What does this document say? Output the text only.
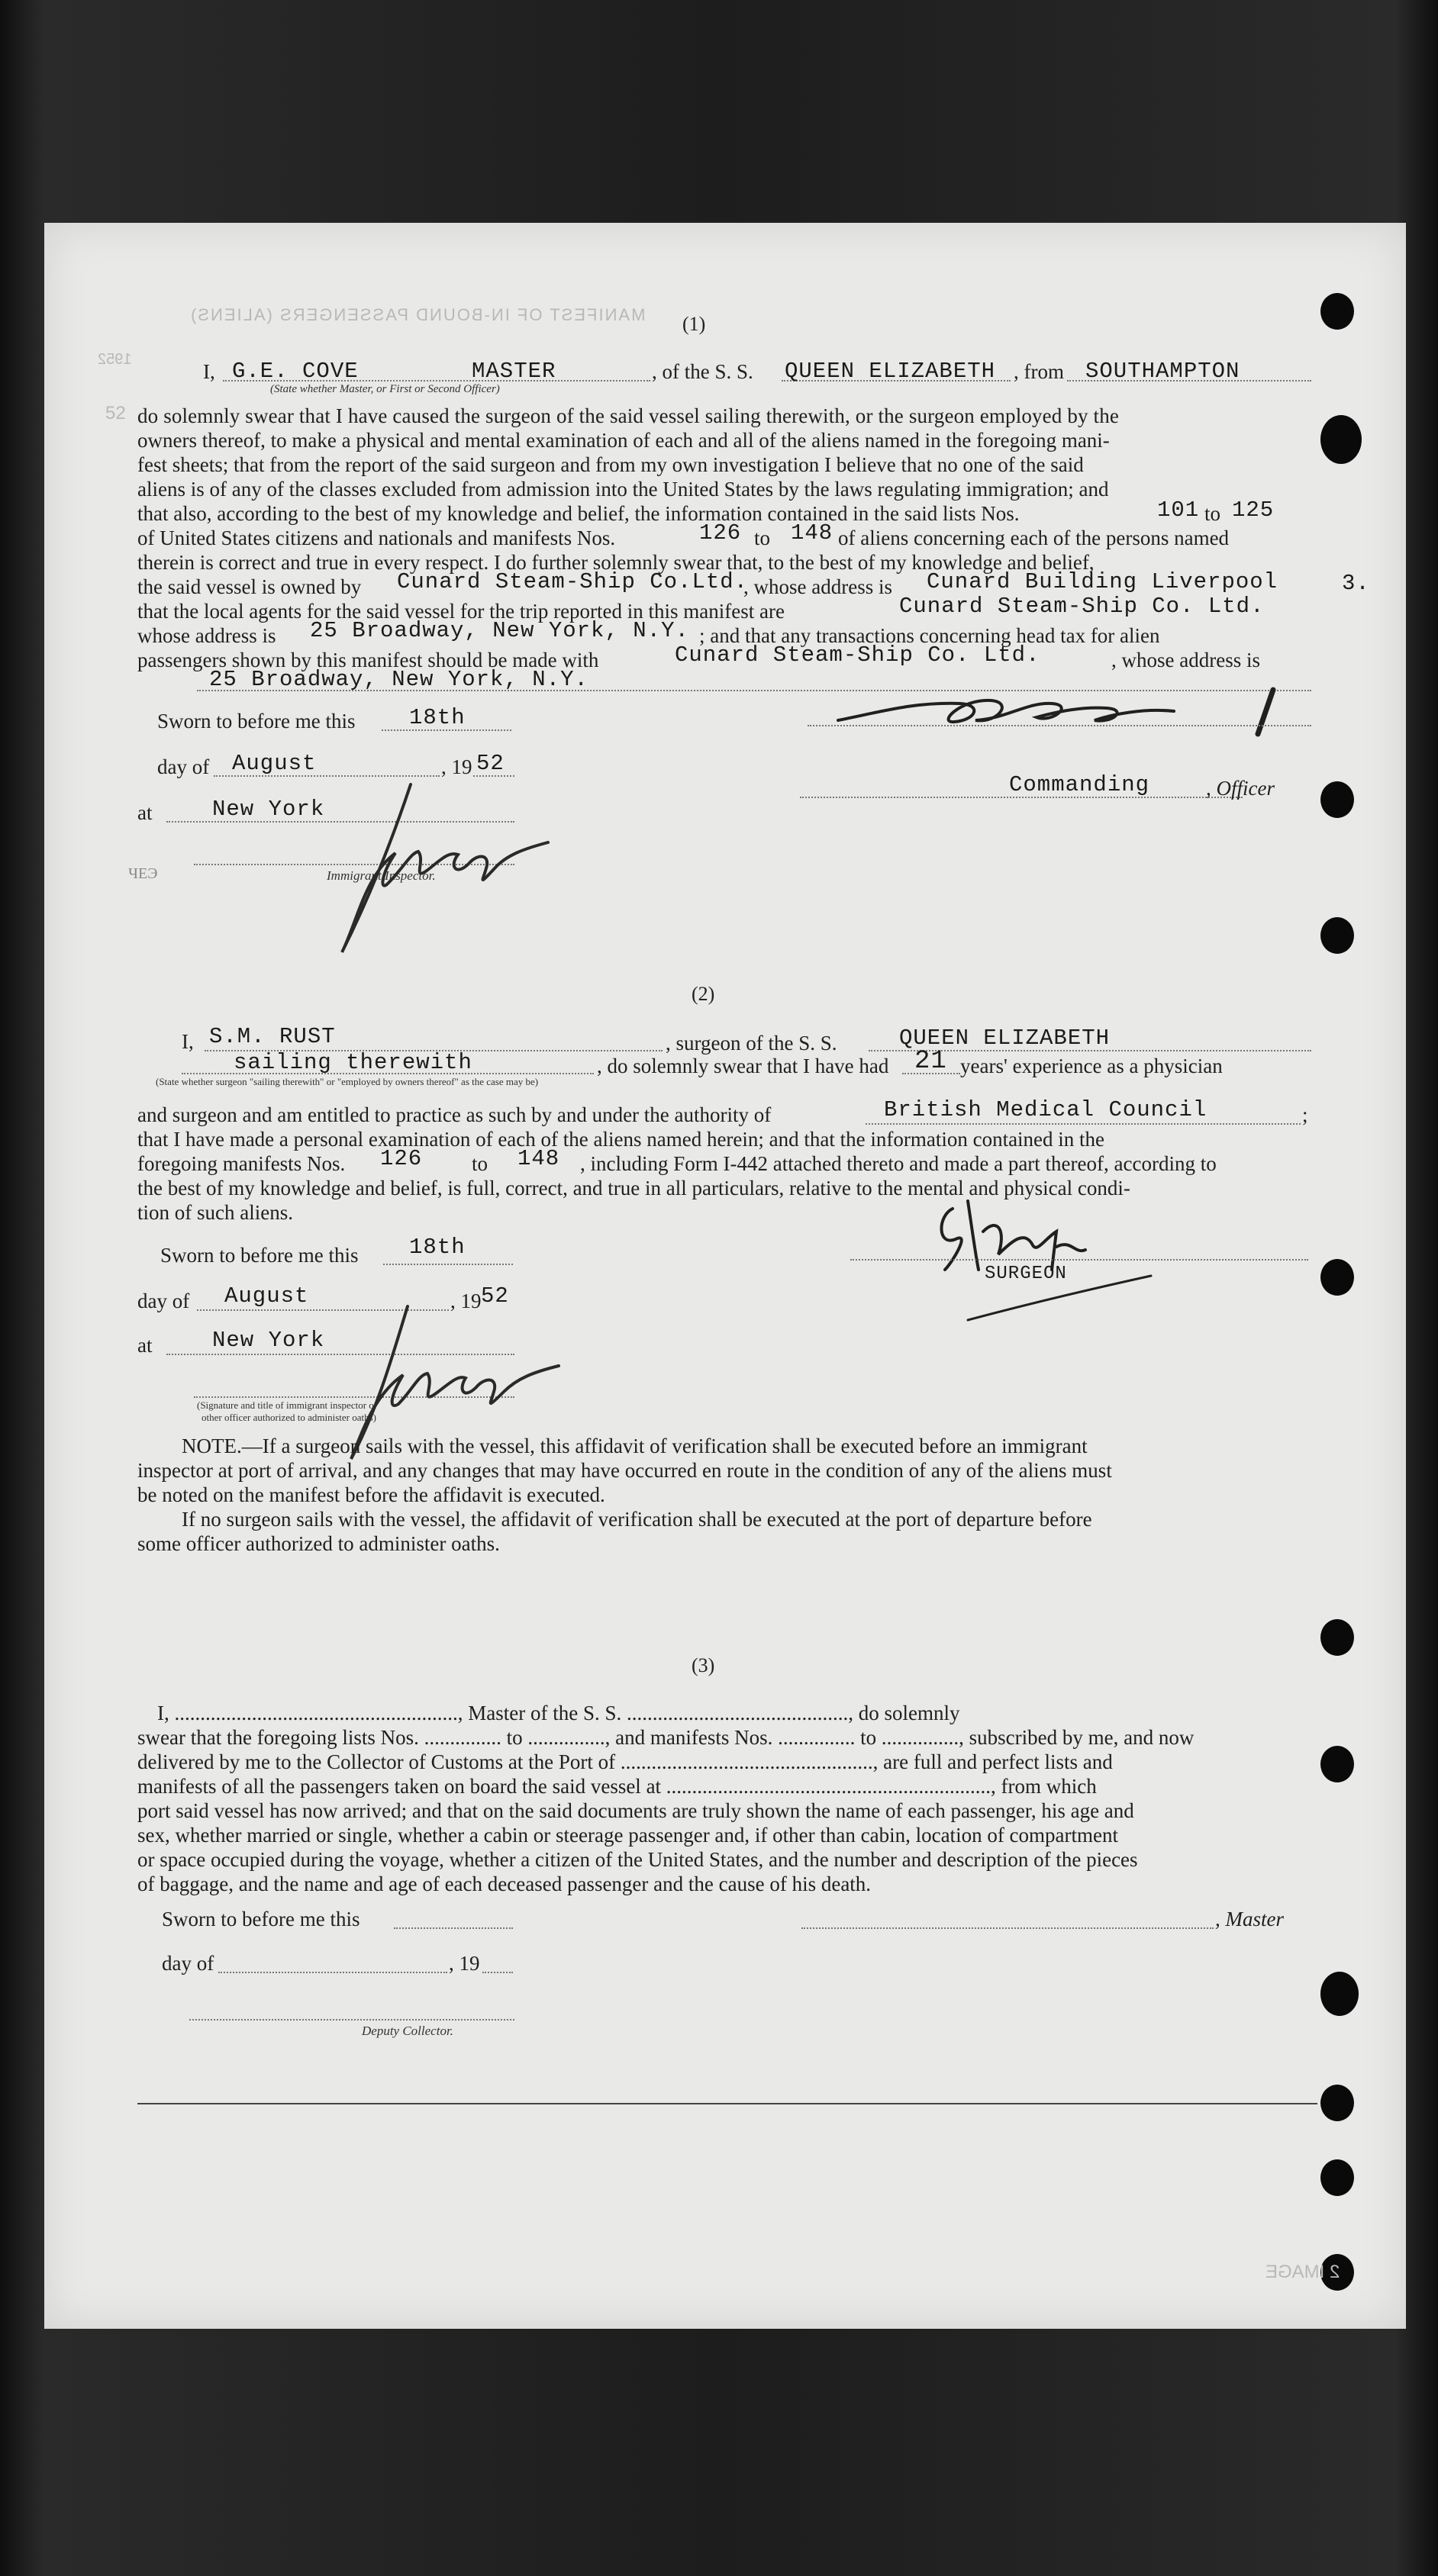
MANIFEST OF IN-BOUND PASSENGERS (ALIENS)
1952
52
(1)
I, G.E. COVE	MASTER	, of the S. S. QUEEN ELIZABETH , from SOUTHAMPTON
(State whether Master, or First or Second Officer)
do solemnly swear that I have caused the surgeon of the said vessel sailing therewith, or the surgeon employed by the
owners thereof, to make a physical and mental examination of each and all of the aliens named in the foregoing mani-
fest sheets; that from the report of the said surgeon and from my own investigation I believe that no one of the said
aliens is of any of the classes excluded from admission into the United States by the laws regulating immigration; and
that also, according to the best of my knowledge and belief, the information contained in the said lists Nos.	101 to 125
of United States citizens and nationals and manifests Nos.	126 to 148 of aliens concerning each of the persons named
therein is correct and true in every respect. I do further solemnly swear that, to the best of my knowledge and belief,
the said vessel is owned by Cunard Steam-Ship Co.Ltd.
, whose address is Cunard Building Liverpool	3.
that the local agents for the said vessel for the trip reported in this manifest are	Cunard Steam-Ship Co. Ltd.
whose address is 25 Broadway, New York, N.Y. ; and that any transactions concerning head tax for alien
passengers shown by this manifest should be made with	Cunard Steam-Ship Co. Ltd.	, whose address is
25 Broadway, New York, N.Y.
Sworn to before me this 18th
day of August	, 19 52
at	New York
ЧЕЭ	Immigrant Inspector.
Commanding	, Officer
(2)
I, S.M. RUST	, surgeon of the S. S.	QUEEN ELIZABETH
sailing therewith	, do solemnly swear that I have had 21 years' experience as a physician
(State whether surgeon "sailing therewith" or "employed by owners thereof" as the case may be)
and surgeon and am entitled to practice as such by and under the authority of	British Medical Council	;
that I have made a personal examination of each of the aliens named herein; and that the information contained in the
foregoing manifests Nos. 126 to 148 , including Form I-442 attached thereto and made a part thereof, according to
the best of my knowledge and belief, is full, correct, and true in all particulars, relative to the mental and physical condi-
tion of such aliens.
Sworn to before me this 18th
day of August	, 19 52
at	New York
(Signature and title of immigrant inspector or
other officer authorized to administer oaths)
SURGEON
NOTE.—If a surgeon sails with the vessel, this affidavit of verification shall be executed before an immigrant
inspector at port of arrival, and any changes that may have occurred en route in the condition of any of the aliens must
be noted on the manifest before the affidavit is executed.
If no surgeon sails with the vessel, the affidavit of verification shall be executed at the port of departure before
some officer authorized to administer oaths.
(3)
I, ......................................................., Master of the S. S. ..........................................., do solemnly
swear that the foregoing lists Nos. ............... to ..............., and manifests Nos. ............... to ..............., subscribed by me, and now
delivered by me to the Collector of Customs at the Port of ................................................., are full and perfect lists and
manifests of all the passengers taken on board the said vessel at ..............................................................., from which
port said vessel has now arrived; and that on the said documents are truly shown the name of each passenger, his age and
sex, whether married or single, whether a cabin or steerage passenger and, if other than cabin, location of compartment
or space occupied during the voyage, whether a citizen of the United States, and the number and description of the pieces
of baggage, and the name and age of each deceased passenger and the cause of his death.
Sworn to before me this	, Master
day of	, 19
Deputy Collector.
2 IMAGE
